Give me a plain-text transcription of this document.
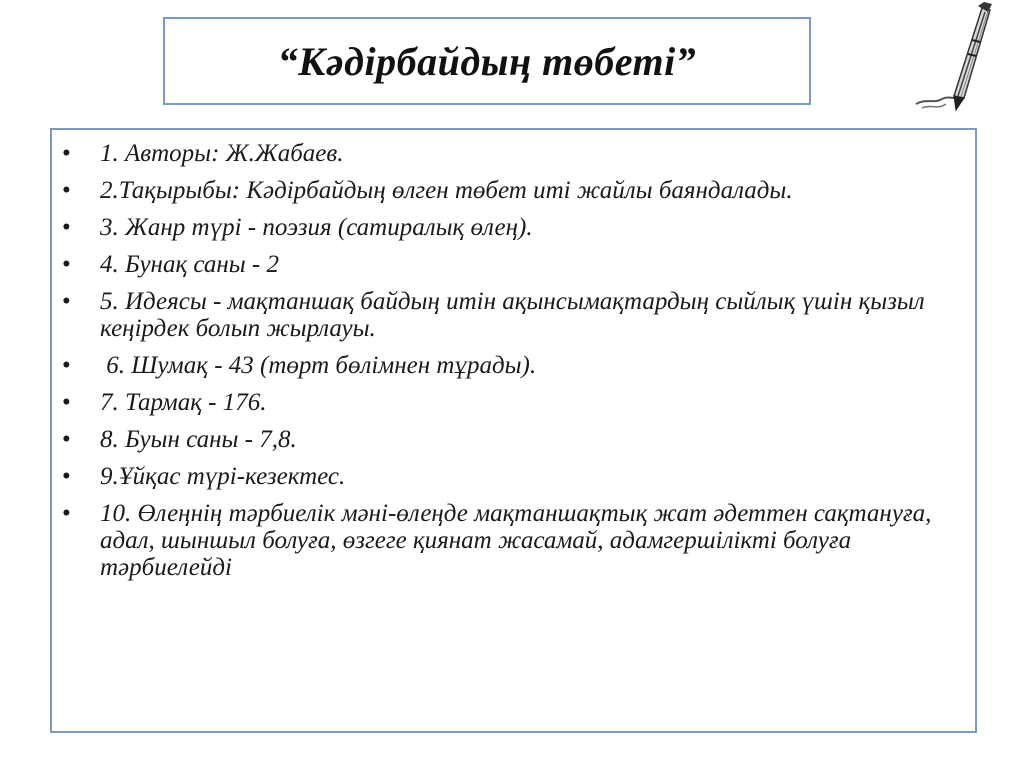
“Кәдірбайдың төбеті”
• 1. Авторы: Ж.Жабаев.
• 2.Тақырыбы: Кәдірбайдың өлген төбет иті жайлы баяндалады.
• 3. Жанр түрі - поэзия (сатиралық өлең).
• 4. Бунақ саны - 2
• 5. Идеясы - мақтаншақ байдың итін ақынсымақтардың сыйлық үшін қызыл кеңірдек болып жырлауы.
• 6. Шумақ - 43 (төрт бөлімнен тұрады).
• 7. Тармақ - 176.
• 8. Буын саны - 7,8.
• 9.Ұйқас түрі-кезектес.
• 10. Өлеңнің тәрбиелік мәні-өлеңде мақтаншақтық жат әдеттен сақтануға, адал, шыншыл болуға, өзгеге қиянат жасамай, адамгершілікті болуға тәрбиелейді
